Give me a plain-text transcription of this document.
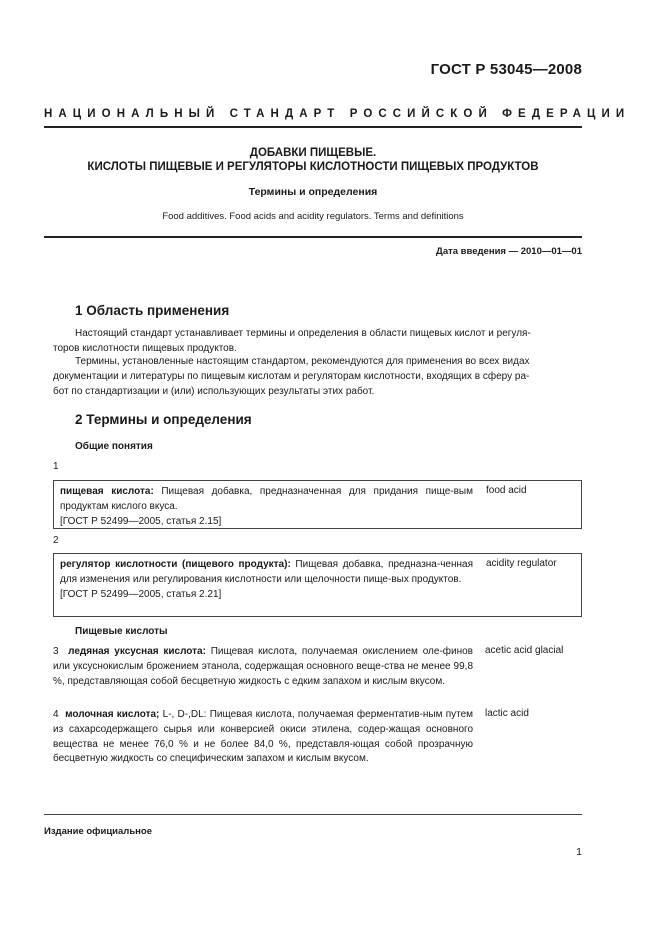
ГОСТ Р 53045—2008
НАЦИОНАЛЬНЫЙ СТАНДАРТ РОССИЙСКОЙ ФЕДЕРАЦИИ
ДОБАВКИ ПИЩЕВЫЕ.
КИСЛОТЫ ПИЩЕВЫЕ И РЕГУЛЯТОРЫ КИСЛОТНОСТИ ПИЩЕВЫХ ПРОДУКТОВ
Термины и определения
Food additives. Food acids and acidity regulators. Terms and definitions
Дата введения — 2010—01—01
1 Область применения
Настоящий стандарт устанавливает термины и определения в области пищевых кислот и регуля-
торов кислотности пищевых продуктов.
Термины, установленные настоящим стандартом, рекомендуются для применения во всех видах
документации и литературы по пищевым кислотам и регуляторам кислотности, входящих в сферу ра-
бот по стандартизации и (или) использующих результаты этих работ.
2 Термины и определения
Общие понятия
1
пищевая кислота: Пищевая добавка, предназначенная для придания пище-вым продуктам кислого вкуса.
[ГОСТ Р 52499—2005, статья 2.15]
food acid
2
регулятор кислотности (пищевого продукта): Пищевая добавка, предназна-ченная для изменения или регулирования кислотности или щелочности пище-вых продуктов.
[ГОСТ Р 52499—2005, статья 2.21]
acidity regulator
Пищевые кислоты
3 ледяная уксусная кислота: Пищевая кислота, получаемая окислением оле-финов или уксуснокислым брожением этанола, содержащая основного веще-ства не менее 99,8 %, представляющая собой бесцветную жидкость с едким запахом и кислым вкусом.
acetic acid glacial
4 молочная кислота; L-, D-,DL: Пищевая кислота, получаемая ферментатив-ным путем из сахарсодержащего сырья или конверсией окиси этилена, содер-жащая основного вещества не менее 76,0 % и не более 84,0 %, представля-ющая собой прозрачную бесцветную жидкость со специфическим запахом и кислым вкусом.
lactic acid
Издание официальное
1
